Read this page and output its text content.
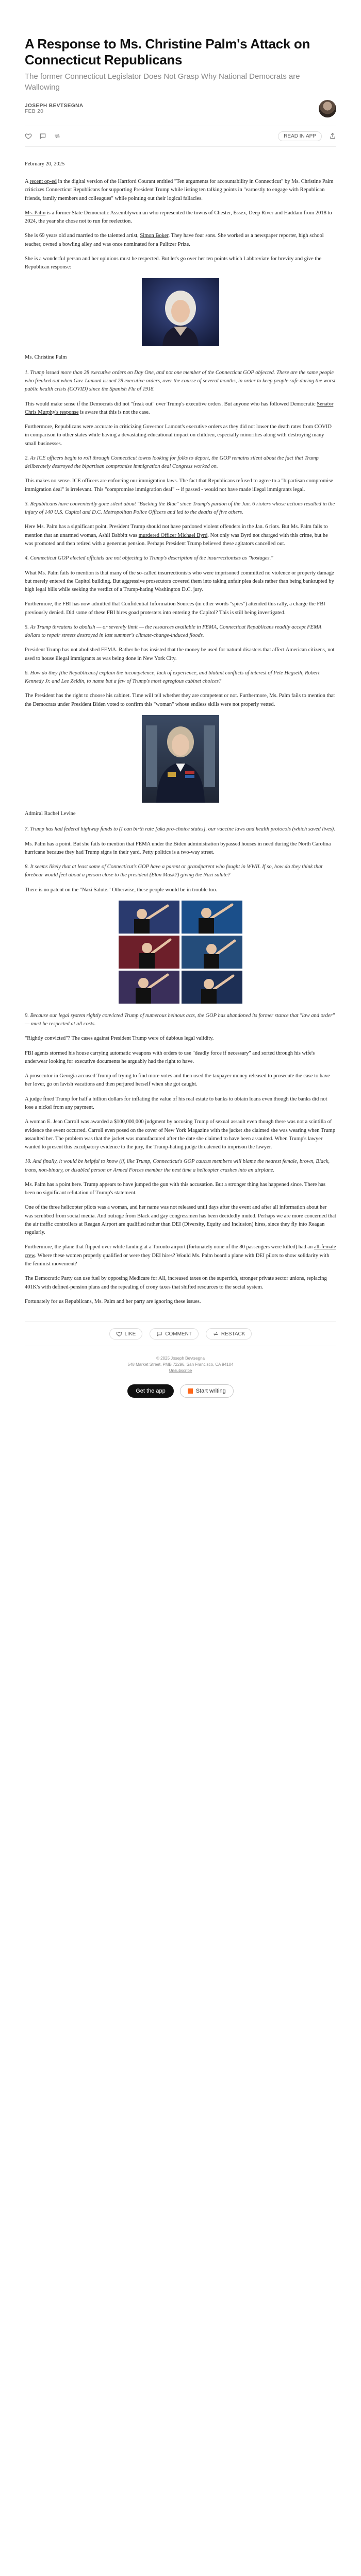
A Response to Ms. Christine Palm's Attack on Connecticut Republicans
The former Connecticut Legislator Does Not Grasp Why National Democrats are Wallowing
JOSEPH BEVTSEGNA
FEB 20
READ IN APP

February 20, 2025

A recent op-ed in the digital version of the Hartford Courant entitled "Ten arguments for accountability in Connecticut" by Ms. Christine Palm criticizes Connecticut Republicans for supporting President Trump while listing ten talking points in "earnestly to engage with Republican friends, family members and colleagues" while pointing out their logical fallacies.

Ms. Palm is a former State Democratic Assemblywoman who represented the towns of Chester, Essex, Deep River and Haddam from 2018 to 2024, the year she chose not to run for reelection.

She is 69 years old and married to the talented artist, Simon Boker. They have four sons. She worked as a newspaper reporter, high school teacher, owned a bowling alley and was once nominated for a Pulitzer Prize.

She is a wonderful person and her opinions must be respected. But let's go over her ten points which I abbreviate for brevity and give the Republican response:

Ms. Christine Palm

1. Trump issued more than 28 executive orders on Day One, and not one member of the Connecticut GOP objected. These are the same people who freaked out when Gov. Lamont issued 28 executive orders, over the course of several months, in order to keep people safe during the worst public health crisis (COVID) since the Spanish Flu of 1918.

This would make sense if the Democrats did not "freak out" over Trump's executive orders. But anyone who has followed Democratic Senator Chris Murphy's response is aware that this is not the case.

Furthermore, Republicans were accurate in criticizing Governor Lamont's executive orders as they did not lower the death rates from COVID in comparison to other states while having a devastating educational impact on children, especially minorities along with destroying many small businesses.

2. As ICE officers begin to roll through Connecticut towns looking for folks to deport, the GOP remains silent about the fact that Trump deliberately destroyed the bipartisan compromise immigration deal Congress worked on.

This makes no sense. ICE officers are enforcing our immigration laws. The fact that Republicans refused to agree to a "bipartisan compromise immigration deal" is irrelevant. This "compromise immigration deal" -- if passed - would not have made illegal immigrants legal.

3. Republicans have conveniently gone silent about "Backing the Blue" since Trump's pardon of the Jan. 6 rioters whose actions resulted in the injury of 140 U.S. Capitol and D.C. Metropolitan Police Officers and led to the deaths of five others.

Here Ms. Palm has a significant point. President Trump should not have pardoned violent offenders in the Jan. 6 riots. But Ms. Palm fails to mention that an unarmed woman, Ashli Babbitt was murdered Officer Michael Byrd. Not only was Byrd not charged with this crime, but he was promoted and then retired with a generous pension. Perhaps President Trump believed these agitators cancelled out.

4. Connecticut GOP elected officials are not objecting to Trump's description of the insurrectionists as "hostages."

What Ms. Palm fails to mention is that many of the so-called insurrectionists who were imprisoned committed no violence or property damage but merely entered the Capitol building. But aggressive prosecutors covered them into taking unfair plea deals rather than being bankrupted by high legal bills while seeking the verdict of a Trump-hating Washington D.C. jury.

Furthermore, the FBI has now admitted that Confidential Information Sources (in other words "spies") attended this rally, a charge the FBI previously denied. Did some of these FBI hires goad protesters into entering the Capitol? This is still being investigated.

5. As Trump threatens to abolish — or severely limit — the resources available in FEMA, Connecticut Republicans readily accept FEMA dollars to repair streets destroyed in last summer's climate-change-induced floods.

President Trump has not abolished FEMA. Rather he has insisted that the money be used for natural disasters that affect American citizens, not used to house illegal immigrants as was being done in New York City.

6. How do they [the Republicans] explain the incompetence, lack of experience, and blatant conflicts of interest of Pete Hegseth, Robert Kennedy Jr. and Lee Zeldin, to name but a few of Trump's most egregious cabinet choices?

The President has the right to choose his cabinet. Time will tell whether they are competent or not. Furthermore, Ms. Palm fails to mention that the Democrats under President Biden voted to confirm this "woman" whose endless skills were not properly vetted.

Admiral Rachel Levine

7. Trump has had federal highway funds to (I can birth rate [aka pro-choice states]. our vaccine laws and health protocols (which saved lives).

Ms. Palm has a point. But she fails to mention that FEMA under the Biden administration bypassed houses in need during the North Carolina hurricane because they had Trump signs in their yard. Petty politics is a two-way street.

8. It seems likely that at least some of Connecticut's GOP have a parent or grandparent who fought in WWII. If so, how do they think that forebear would feel about a person close to the president (Elon Musk?) giving the Nazi salute?

There is no patent on the "Nazi Salute." Otherwise, these people would be in trouble too.

9. Because our legal system rightly convicted Trump of numerous heinous acts, the GOP has abandoned its former stance that "law and order" — must be respected at all costs.

"Rightly convicted"? The cases against President Trump were of dubious legal validity.

FBI agents stormed his house carrying automatic weapons with orders to use "deadly force if necessary" and sorted through his wife's underwear looking for executive documents he arguably had the right to have.

A prosecutor in Georgia accused Trump of trying to find more votes and then used the taxpayer money released to prosecute the case to have her lover, go on lavish vacations and then perjured herself when she got caught.

A judge fined Trump for half a billion dollars for inflating the value of his real estate to banks to obtain loans even though the banks did not lose a nickel from any payment.

A woman E. Jean Carroll was awarded a $100,000,000 judgment by accusing Trump of sexual assault even though there was not a scintilla of evidence the event occurred. Carroll even posed on the cover of New York Magazine with the jacket she claimed she was wearing when Trump assaulted her. The problem was that the jacket was manufactured after the date she claimed to have been assaulted. When Trump's lawyer wanted to present this exculpatory evidence to the jury, the Trump-hating judge threatened to imprison the lawyer.

10. And finally, it would be helpful to know (if, like Trump, Connecticut's GOP caucus members will blame the nearest female, brown, Black, trans, non-binary, or disabled person or Armed Forces member the next time a helicopter crashes into an airplane.

Ms. Palm has a point here. Trump appears to have jumped the gun with this accusation. But a stronger thing has happened since. There has been no significant refutation of Trump's statement.

One of the three helicopter pilots was a woman, and her name was not released until days after the event and after all information about her was scrubbed from social media. And outrage from Black and gay congressmen has been decidedly muted. Perhaps we are more concerned that the air traffic controllers at Reagan Airport are qualified rather than DEI (Diversity, Equity and Inclusion) hires, since they fly into Reagan regularly.

Furthermore, the plane that flipped over while landing at a Toronto airport (fortunately none of the 80 passengers were killed) had an all-female crew. Where these women properly qualified or were they DEI hires? Would Ms. Palm board a plane with DEI pilots to show solidarity with the feminist movement?

The Democratic Party can use fuel by opposing Medicare for All, increased taxes on the superrich, stronger private sector unions, replacing 401K's with defined-pension plans and the repealing of crony taxes that shifted resources to the social system.

Fortunately for us Republicans, Ms. Palm and her party are ignoring these issues.

LIKE	COMMENT	RESTACK
© 2025 Joseph Bevtsegna
548 Market Street, PMB 72296, San Francisco, CA 94104
Unsubscribe
Get the app	Start writing
